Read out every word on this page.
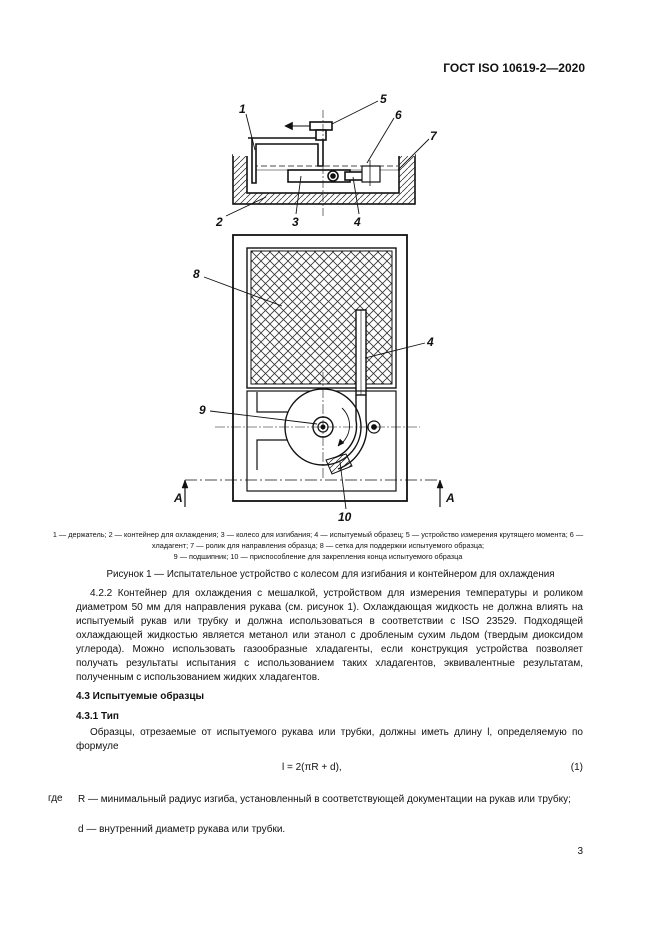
ГОСТ ISO 10619-2—2020
1
2	3	4
5
6
7
8
4
9
10
А	А
1 — держатель; 2 — контейнер для охлаждения; 3 — колесо для изгибания; 4 — испытуемый образец; 5 — устройство измерения крутящего момента; 6 — хладагент; 7 — ролик для направления образца; 8 — сетка для поддержки испытуемого образца;
9 — подшипник; 10 — приспособление для закрепления конца испытуемого образца
Рисунок 1 — Испытательное устройство с колесом для изгибания и контейнером для охлаждения
4.2.2 Контейнер для охлаждения с мешалкой, устройством для измерения температуры и роликом диаметром 50 мм для направления рукава (см. рисунок 1). Охлаждающая жидкость не должна влиять на испытуемый рукав или трубку и должна использоваться в соответствии с ISO 23529. Подходящей охлаждающей жидкостью является метанол или этанол с дробленым сухим льдом (твердым диоксидом углерода). Можно использовать газообразные хладагенты, если конструкция устройства позволяет получать результаты испытания с использованием таких хладагентов, эквивалентные результатам, полученным с использованием жидких хладагентов.
4.3 Испытуемые образцы
4.3.1 Тип
Образцы, отрезаемые от испытуемого рукава или трубки, должны иметь длину l, определяемую по формуле
l = 2(πR + d),	(1)
где R — минимальный радиус изгиба, установленный в соответствующей документации на рукав или трубку;
d — внутренний диаметр рукава или трубки.
3
